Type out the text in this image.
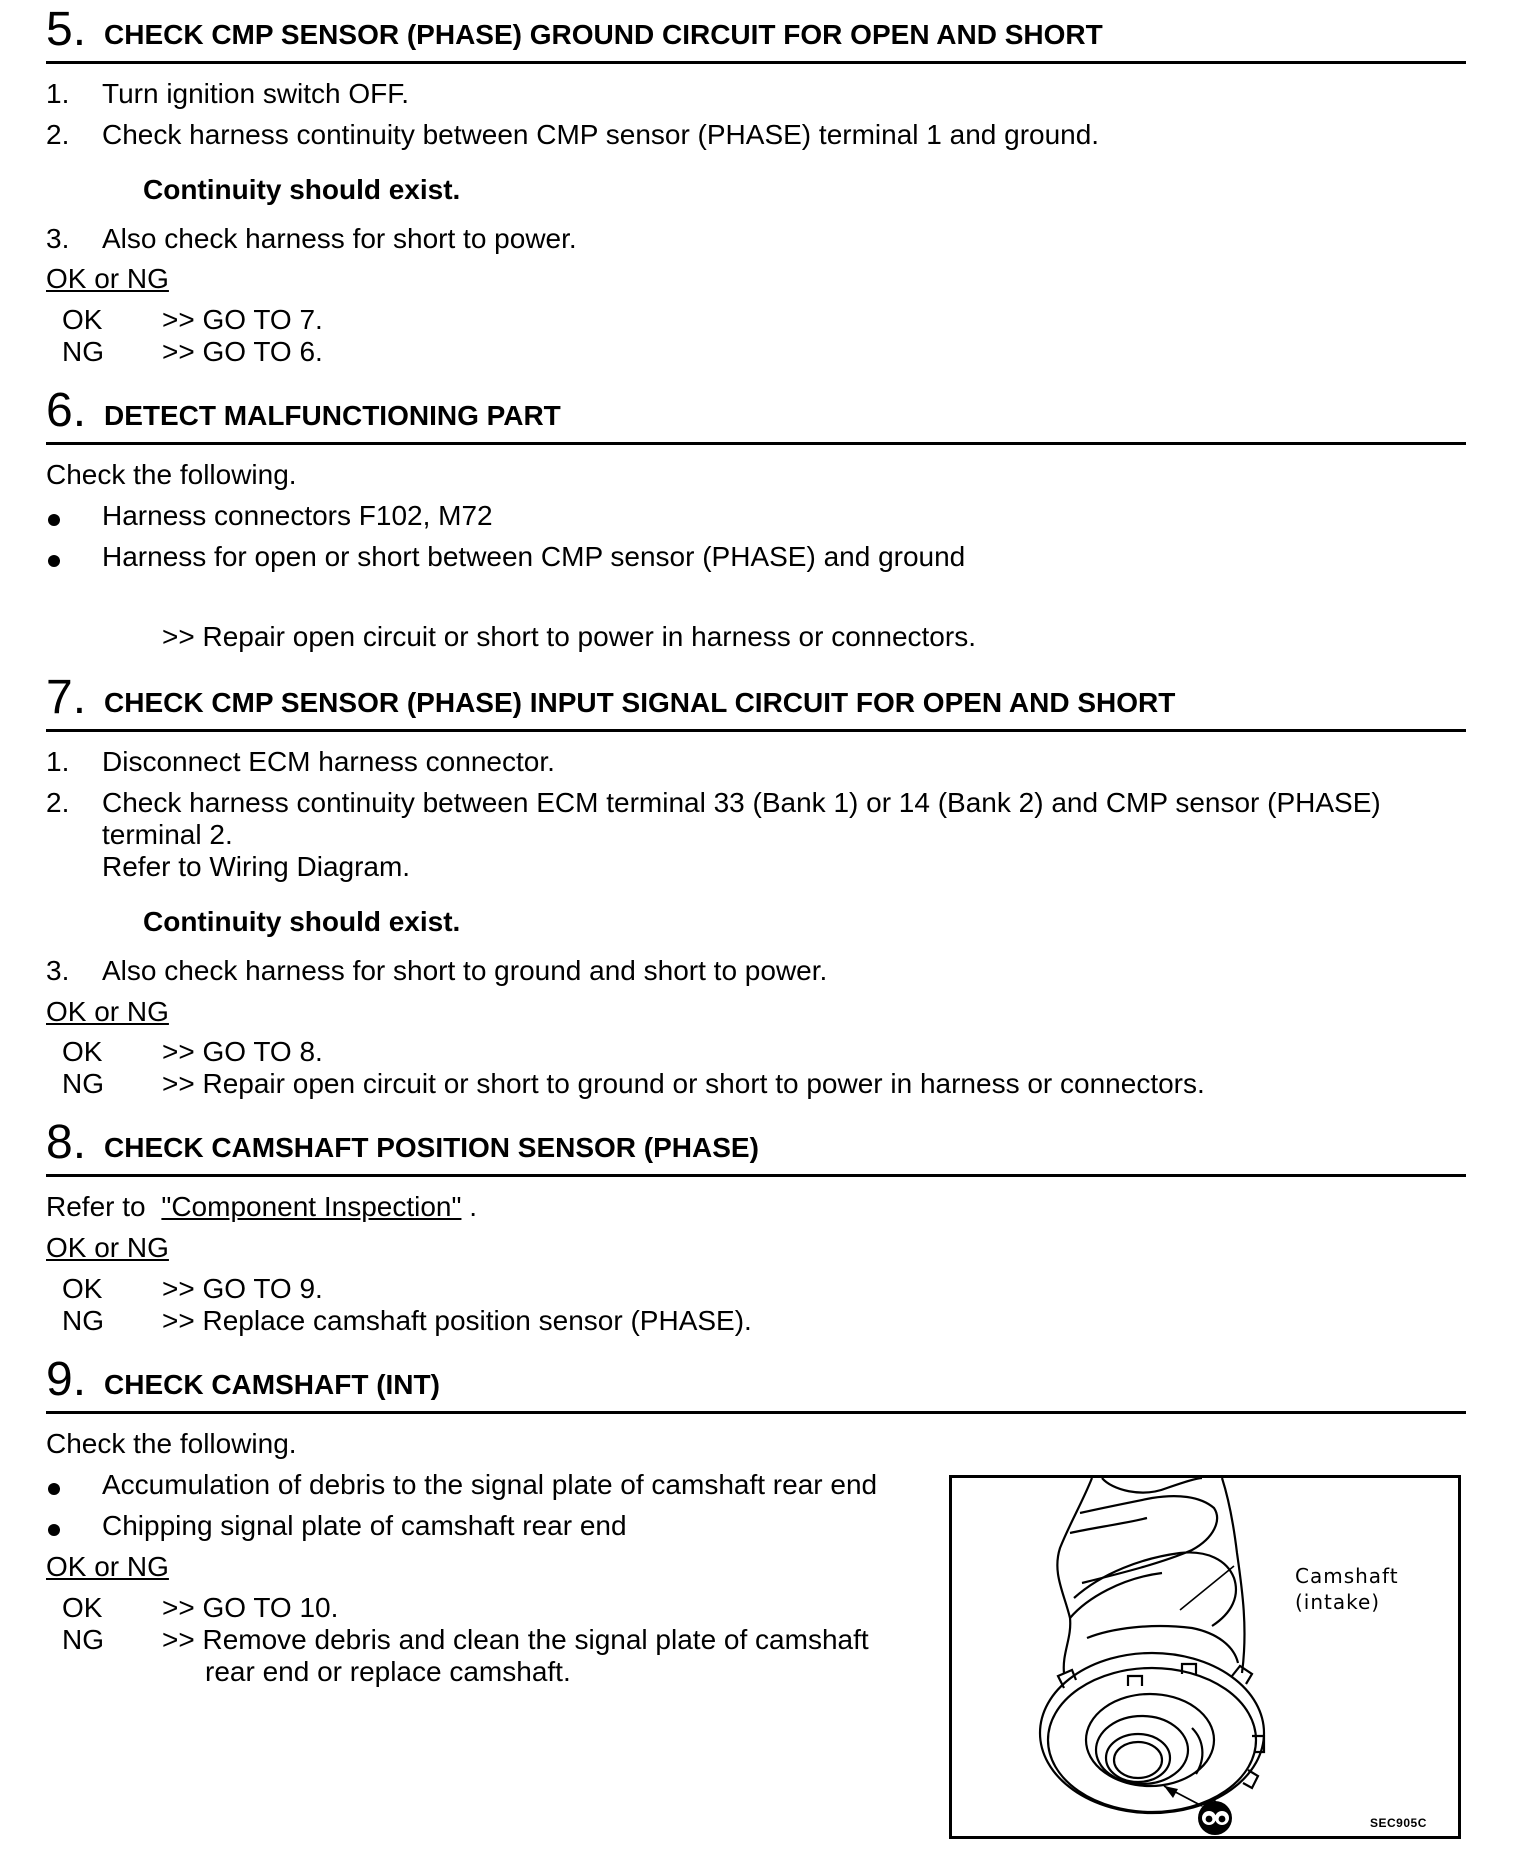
5. CHECK CMP SENSOR (PHASE) GROUND CIRCUIT FOR OPEN AND SHORT
1. Turn ignition switch OFF.
2. Check harness continuity between CMP sensor (PHASE) terminal 1 and ground.
Continuity should exist.
3. Also check harness for short to power.
OK or NG
OK >> GO TO 7.
NG >> GO TO 6.
6. DETECT MALFUNCTIONING PART
Check the following.
Harness connectors F102, M72
Harness for open or short between CMP sensor (PHASE) and ground
>> Repair open circuit or short to power in harness or connectors.
7. CHECK CMP SENSOR (PHASE) INPUT SIGNAL CIRCUIT FOR OPEN AND SHORT
1. Disconnect ECM harness connector.
2. Check harness continuity between ECM terminal 33 (Bank 1) or 14 (Bank 2) and CMP sensor (PHASE)
terminal 2.
Refer to Wiring Diagram.
Continuity should exist.
3. Also check harness for short to ground and short to power.
OK or NG
OK >> GO TO 8.
NG >> Repair open circuit or short to ground or short to power in harness or connectors.
8. CHECK CAMSHAFT POSITION SENSOR (PHASE)
Refer to "Component Inspection" .
OK or NG
OK >> GO TO 9.
NG >> Replace camshaft position sensor (PHASE).
9. CHECK CAMSHAFT (INT)
Check the following.
Accumulation of debris to the signal plate of camshaft rear end
Chipping signal plate of camshaft rear end
OK or NG
OK >> GO TO 10.
NG >> Remove debris and clean the signal plate of camshaft
rear end or replace camshaft.
Camshaft
(intake)
SEC905C
